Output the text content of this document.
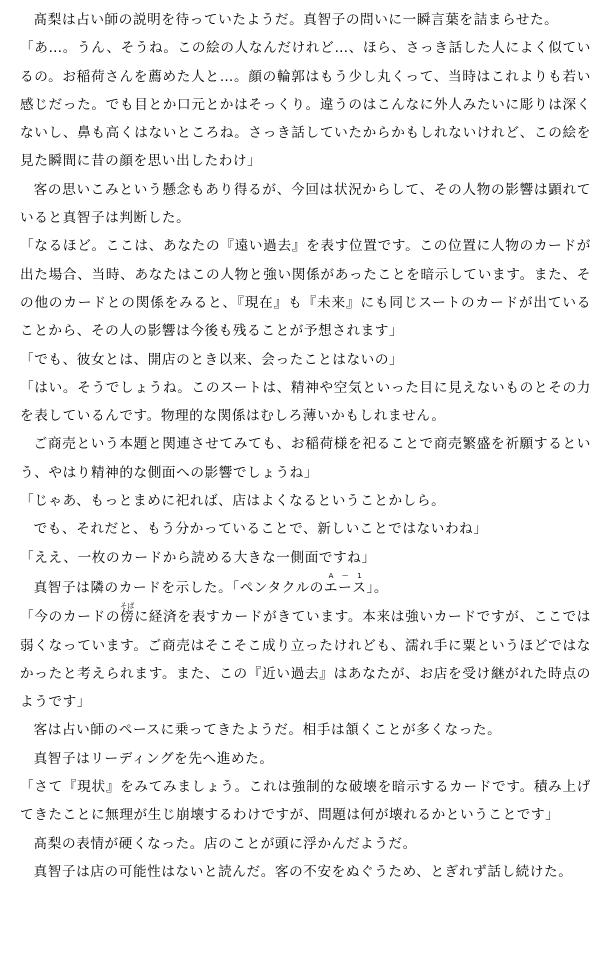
髙梨は占い師の説明を待っていたようだ。真智子の問いに一瞬言葉を詰まらせた。

「あ…。うん、そうね。この絵の人なんだけれど…、ほら、さっき話した人によく似ているの。お稲荷さんを薦めた人と…。顔の輪郭はもう少し丸くって、当時はこれよりも若い感じだった。でも目とか口元とかはそっくり。違うのはこんなに外人みたいに彫りは深くないし、鼻も高くはないところね。さっき話していたからかもしれないけれど、この絵を見た瞬間に昔の顔を思い出したわけ」

客の思いこみという懸念もあり得るが、今回は状況からして、その人物の影響は顕れていると真智子は判断した。

「なるほど。ここは、あなたの『遠い過去』を表す位置です。この位置に人物のカードが出た場合、当時、あなたはこの人物と強い関係があったことを暗示しています。また、その他のカードとの関係をみると、『現在』も『未来』にも同じスートのカードが出ていることから、その人の影響は今後も残ることが予想されます」

「でも、彼女とは、開店のとき以来、会ったことはないの」

「はい。そうでしょうね。このスートは、精神や空気といった目に見えないものとその力を表しているんです。物理的な関係はむしろ薄いかもしれません。

ご商売という本題と関連させてみても、お稲荷様を祀ることで商売繁盛を祈願するという、やはり精神的な側面への影響でしょうね」

「じゃあ、もっとまめに祀れば、店はよくなるということかしら。

でも、それだと、もう分かっていることで、新しいことではないわね」

「ええ、一枚のカードから読める大きな一側面ですね」

真智子は隣のカードを示した。「ペンタクルのエAーース1」。

「今のカードの傍そばに経済を表すカードがきています。本来は強いカードですが、ここでは弱くなっています。ご商売はそこそこ成り立ったけれども、濡れ手に粟というほどではなかったと考えられます。また、この『近い過去』はあなたが、お店を受け継がれた時点のようです」

客は占い師のペースに乗ってきたようだ。相手は頷くことが多くなった。

真智子はリーディングを先へ進めた。

「さて『現状』をみてみましょう。これは強制的な破壊を暗示するカードです。積み上げてきたことに無理が生じ崩壊するわけですが、問題は何が壊れるかということです」

髙梨の表情が硬くなった。店のことが頭に浮かんだようだ。

真智子は店の可能性はないと読んだ。客の不安をぬぐうため、とぎれず話し続けた。
